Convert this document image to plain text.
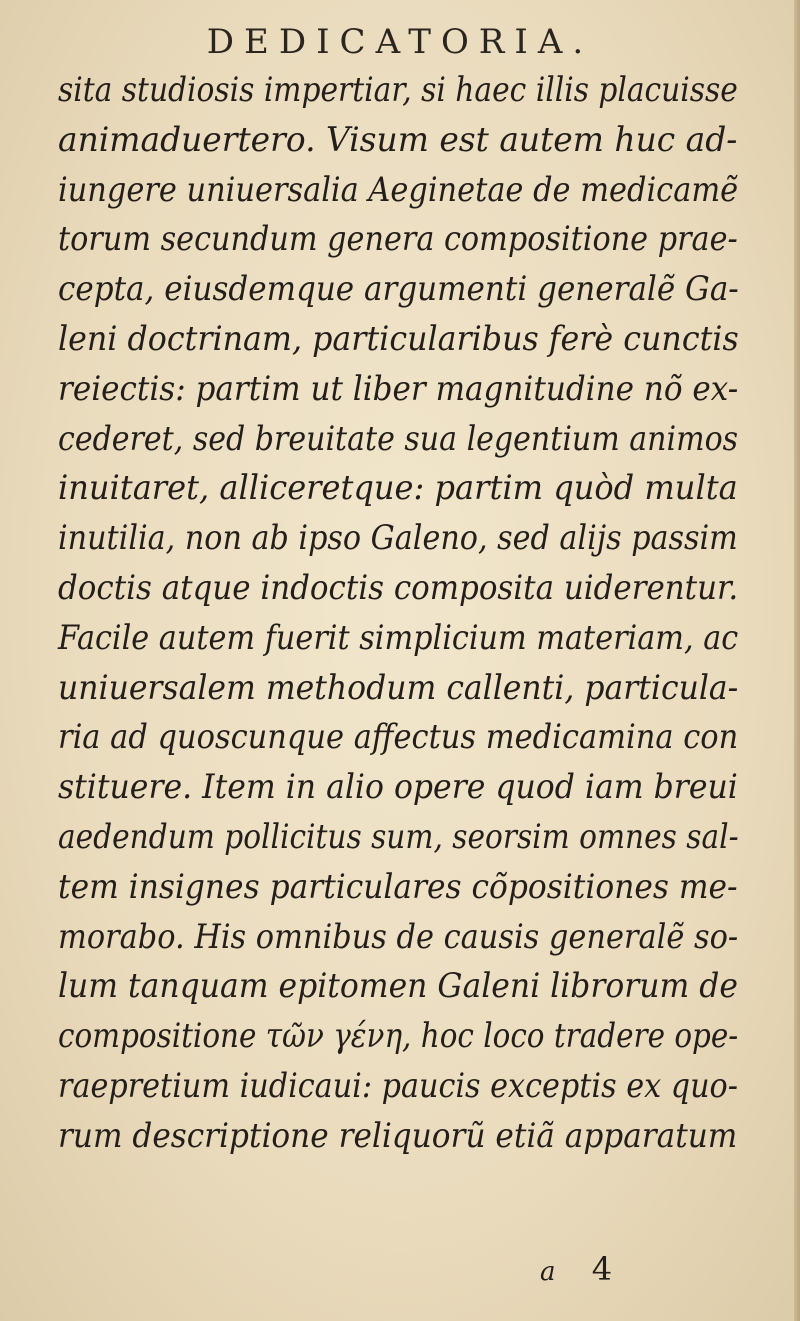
DEDICATORIA.
sita studiosis impertiar, si haec illis placuisse
animaduertero. Visum est autem huc ad-
iungere uniuersalia Aeginetae de medicamẽ
torum secundum genera compositione prae-
cepta, eiusdemque argumenti generalẽ Ga-
leni doctrinam, particularibus ferè cunctis
reiectis: partim ut liber magnitudine nõ ex-
cederet, sed breuitate sua legentium animos
inuitaret, alliceretque: partim quòd multa
inutilia, non ab ipso Galeno, sed alijs passim
doctis atque indoctis composita uiderentur.
Facile autem fuerit simplicium materiam, ac
uniuersalem methodum callenti, particula-
ria ad quoscunque affectus medicamina con
stituere. Item in alio opere quod iam breui
aedendum pollicitus sum, seorsim omnes sal-
tem insignes particulares cõpositiones me-
morabo. His omnibus de causis generalẽ so-
lum tanquam epitomen Galeni librorum de
compositione τῶν γένη, hoc loco tradere ope-
raepretium iudicaui: paucis exceptis ex quo-
rum descriptione reliquorũ etiã apparatum
a 4
